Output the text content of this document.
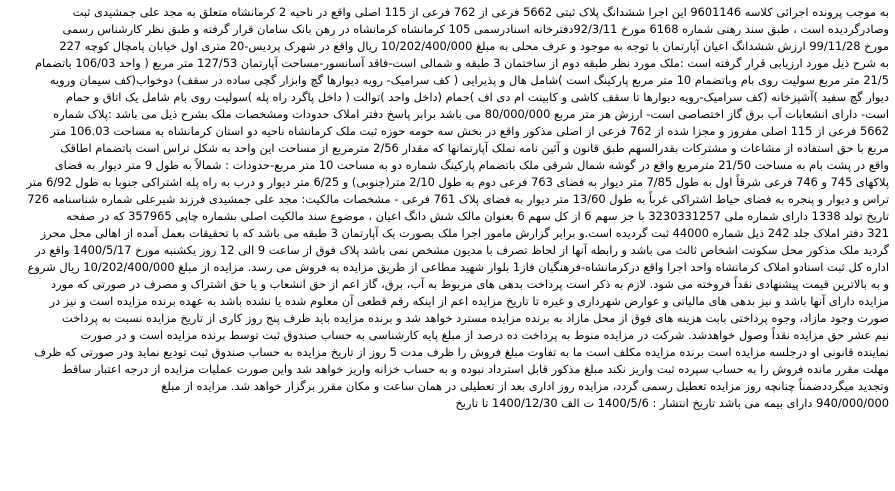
به موجب پرونده اجرائی کلاسه 9601146 این اجرا ششدانگ پلاک ثبتی 5662 فرعی از 762 فرعی از 115 اصلی واقع در ناحیه 2 کرمانشاه متعلق به مجد علی جمشیدی ثبت
وصادرگردیده است ، طبق سند رهنی شماره 6168 مورخ 92/3/11دفترخانه اسنادرسمی 105 کرمانشاه کرمانشاه در رهن بانک سامان قرار گرفته و طبق نظر کارشناس رسمی
مورخ 99/11/28 ارزش ششدانگ اعیان آپارتمان با توجه به موجود و عرف محلی به مبلغ 10/202/400/000 ریال واقع در شهرک پردیس-20 متری اول خیابان پامچال کوچه 227
به شرح ذیل مورد ارزیابی قرار گرفته است :ملک مورد نظر طبقه دوم از ساختمان 3 طبقه و شمالی است-فاقد آسانسور-مساحت آپارتمان 127/53 متر مربع ( واحد 106/03 باتضمام
21/5 متر مربع سولیت روی بام وباتضمام 10 متر مربع پارکینگ است )شامل هال و پذیرایی ( کف سرامیک- رویه دیوارها گچ وابزار گچی ساده در سقف) دوخواب(کف سیمان ورویه
دیوار گچ سفید )آشپزخانه (کف سرامیک-رویه دیوارها تا سقف کاشی و کابینت ام دی اف )حمام (داخل واحد )توالت ( داخل پاگرد راه پله )سولیت روی بام شامل یک اتاق و حمام
است- دارای انشعابات آب برق گاز اختصاصی است- ارزش هر متر مربع 80/000/000 می باشد برابر پاسخ دفتر املاک حدودات ومشخصات ملک بشرح ذیل می باشد :پلاک شماره
5662 فرعی از 115 اصلی مفروز و مجزا شده از 762 فرعی از اصلی مذکور واقع در بخش سه حومه حوزه ثبت ملک کرمانشاه ناحیه دو استان کرمانشاه به مساحت 106.03 متر
مربع با حق استفاده از مشاعات و مشترکات بقدرالسهم طبق قانون و آئین نامه تملک آپارتمانها که مقدار 2/56 مترمربع از مساحت این واحد به شکل تراس است باتضمام اطاقک
واقع در پشت بام به مساحت 21/50 مترمربع واقع در گوشه شمال شرقی ملک باتضمام پارکینگ شماره دو به مساحت 10 متر مربع-حدودات : شمالاً به طول 9 متر دیوار به فضای
پلاکهای 745 و 746 فرعی شرقاً اول به طول 7/85 متر دیوار به فضای 763 فرعی دوم به طول 2/10 متر(جنوبی) و 6/25 متر دیوار و درب به راه پله اشتراکی جنوبا به طول 6/92 متر
تراس و دیوار و پنجره به فضای حیاط اشتراکی غرباً به طول 13/60 متر دیوار به فضای پلاک 761 فرعی - مشخصات مالکیت: مجد علی جمشیدی فرزند شیرعلی شماره شناسنامه 726
تاریخ تولد 1338 دارای شماره ملی 3230331257 با جز سهم 6 از کل سهم 6 بعنوان مالک شش دانگ اعیان ، موضوع سند مالکیت اصلی بشماره چاپی 357965 که در صفحه
321 دفتر املاک جلد 242 ذیل شماره 44000 ثبت گردیده است.و برابر گزارش مامور اجرا ملک بصورت یک آپارتمان 3 طبقه می باشد که با تحقیقات بعمل آمده از اهالی محل محرز
گردید ملک مذکور محل سکونت اشخاص ثالث می باشد و رابطه آنها از لحاظ تصرف با مدیون مشخص نمی باشد پلاک فوق از ساعت 9 الی 12 روز یکشنبه مورخ 1400/5/17 واقع در
اداره کل ثبت اسنادو املاک کرمانشاه واحد اجرا واقع درکرمانشاه-فرهنگیان فاز1 بلوار شهید مطاعی از طریق مزایده به فروش می رسد. مزایده از مبلغ 10/202/400/000 ریال شروع
و به بالاترین قیمت پیشنهادی نقداً فروخته می شود. لازم به ذکر است پرداخت بدهی های مربوط به آب، برق، گاز اعم از حق انشعاب و یا حق اشتراک و مصرف در صورتی که مورد
مزایده دارای آنها باشد و نیز بدهی های مالیاتی و عوارض شهرداری و غیره تا تاریخ مزایده اعم از اینکه رقم قطعی آن معلوم شده یا نشده باشد به عهده برنده مزایده است و نیز در
صورت وجود مازاد، وجوه پرداختی بابت هزینه های فوق از محل مازاد به برنده مزایده مسترد خواهد شد و برنده مزایده باید ظرف پنج روز کاری از تاریخ مزایده نسبت به پرداخت
نیم عشر حق مزایده نقداً وصول خواهدشد. شرکت در مزایده منوط به پرداخت ده درصد از مبلغ پایه کارشناسی به حساب صندوق ثبت توسط برنده مزایده است و در صورت
نماینده قانونی او درجلسه مزایده است برنده مزایده مکلف است ما به تفاوت مبلغ فروش را ظرف مدت 5 روز از تاریخ مزایده به حساب صندوق ثبت تودیع نماید ودر صورتی که ظرف
مهلت مقرر مانده فروش را به حساب سپرده ثبت واریز نکند مبلغ مذکور قابل استرداد نبوده و به حساب خزانه واریز خواهد شد واین صورت عملیات مزایده از درجه اعتبار ساقط
وتجدید میگرددضمناً چنانچه روز مزایده تعطیل رسمی گردد، مزایده روز اداری بعد از تعطیلی در همان ساعت و مکان مقرر برگزار خواهد شد. مزایده از مبلغ
940/000/000 دارای بیمه می باشد تاریخ انتشار : 1400/5/6 ت الف 1400/12/30 تا تاریخ
